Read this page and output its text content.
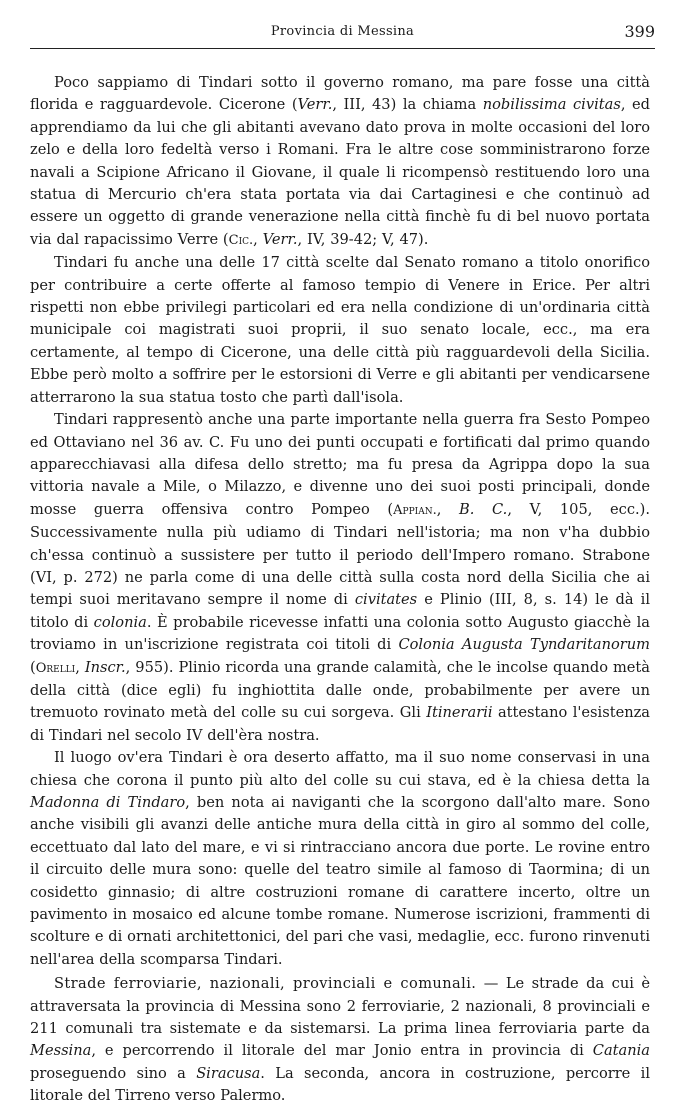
Provincia di Messina	399

Poco sappiamo di Tindari sotto il governo romano, ma pare fosse una città florida e ragguardevole. Cicerone (Verr., III, 43) la chiama nobilissima civitas, ed apprendiamo da lui che gli abitanti avevano dato prova in molte occasioni del loro zelo e della loro fedeltà verso i Romani. Fra le altre cose somministrarono forze navali a Scipione Africano il Giovane, il quale li ricompensò restituendo loro una statua di Mercurio ch'era stata portata via dai Cartaginesi e che continuò ad essere un oggetto di grande venerazione nella città finchè fu di bel nuovo portata via dal rapacissimo Verre (Cic., Verr., IV, 39-42; V, 47).

Tindari fu anche una delle 17 città scelte dal Senato romano a titolo onorifico per contribuire a certe offerte al famoso tempio di Venere in Erice. Per altri rispetti non ebbe privilegi particolari ed era nella condizione di un'ordinaria città municipale coi magistrati suoi proprii, il suo senato locale, ecc., ma era certamente, al tempo di Cicerone, una delle città più ragguardevoli della Sicilia. Ebbe però molto a soffrire per le estorsioni di Verre e gli abitanti per vendicarsene atterrarono la sua statua tosto che partì dall'isola.

Tindari rappresentò anche una parte importante nella guerra fra Sesto Pompeo ed Ottaviano nel 36 av. C. Fu uno dei punti occupati e fortificati dal primo quando apparecchiavasi alla difesa dello stretto; ma fu presa da Agrippa dopo la sua vittoria navale a Mile, o Milazzo, e divenne uno dei suoi posti principali, donde mosse guerra offensiva contro Pompeo (Appian., B. C., V, 105, ecc.). Successivamente nulla più udiamo di Tindari nell'istoria; ma non v'ha dubbio ch'essa continuò a sussistere per tutto il periodo dell'Impero romano. Strabone (VI, p. 272) ne parla come di una delle città sulla costa nord della Sicilia che ai tempi suoi meritavano sempre il nome di civitates e Plinio (III, 8, s. 14) le dà il titolo di colonia. È probabile ricevesse infatti una colonia sotto Augusto giacchè la troviamo in un'iscrizione registrata coi titoli di Colonia Augusta Tyndaritanorum (Orelli, Inscr., 955). Plinio ricorda una grande calamità, che le incolse quando metà della città (dice egli) fu inghiottita dalle onde, probabilmente per avere un tremuoto rovinato metà del colle su cui sorgeva. Gli Itinerarii attestano l'esistenza di Tindari nel secolo IV dell'èra nostra.

Il luogo ov'era Tindari è ora deserto affatto, ma il suo nome conservasi in una chiesa che corona il punto più alto del colle su cui stava, ed è la chiesa detta la Madonna di Tindaro, ben nota ai naviganti che la scorgono dall'alto mare. Sono anche visibili gli avanzi delle antiche mura della città in giro al sommo del colle, eccettuato dal lato del mare, e vi si rintracciano ancora due porte. Le rovine entro il circuito delle mura sono: quelle del teatro simile al famoso di Taormina; di un cosidetto ginnasio; di altre costruzioni romane di carattere incerto, oltre un pavimento in mosaico ed alcune tombe romane. Numerose iscrizioni, frammenti di scolture e di ornati architettonici, del pari che vasi, medaglie, ecc. furono rinvenuti nell'area della scomparsa Tindari.

Strade ferroviarie, nazionali, provinciali e comunali. — Le strade da cui è attraversata la provincia di Messina sono 2 ferroviarie, 2 nazionali, 8 provinciali e 211 comunali tra sistemate e da sistemarsi. La prima linea ferroviaria parte da Messina, e percorrendo il litorale del mar Jonio entra in provincia di Catania proseguendo sino a Siracusa. La seconda, ancora in costruzione, percorre il litorale del Tirreno verso Palermo.
